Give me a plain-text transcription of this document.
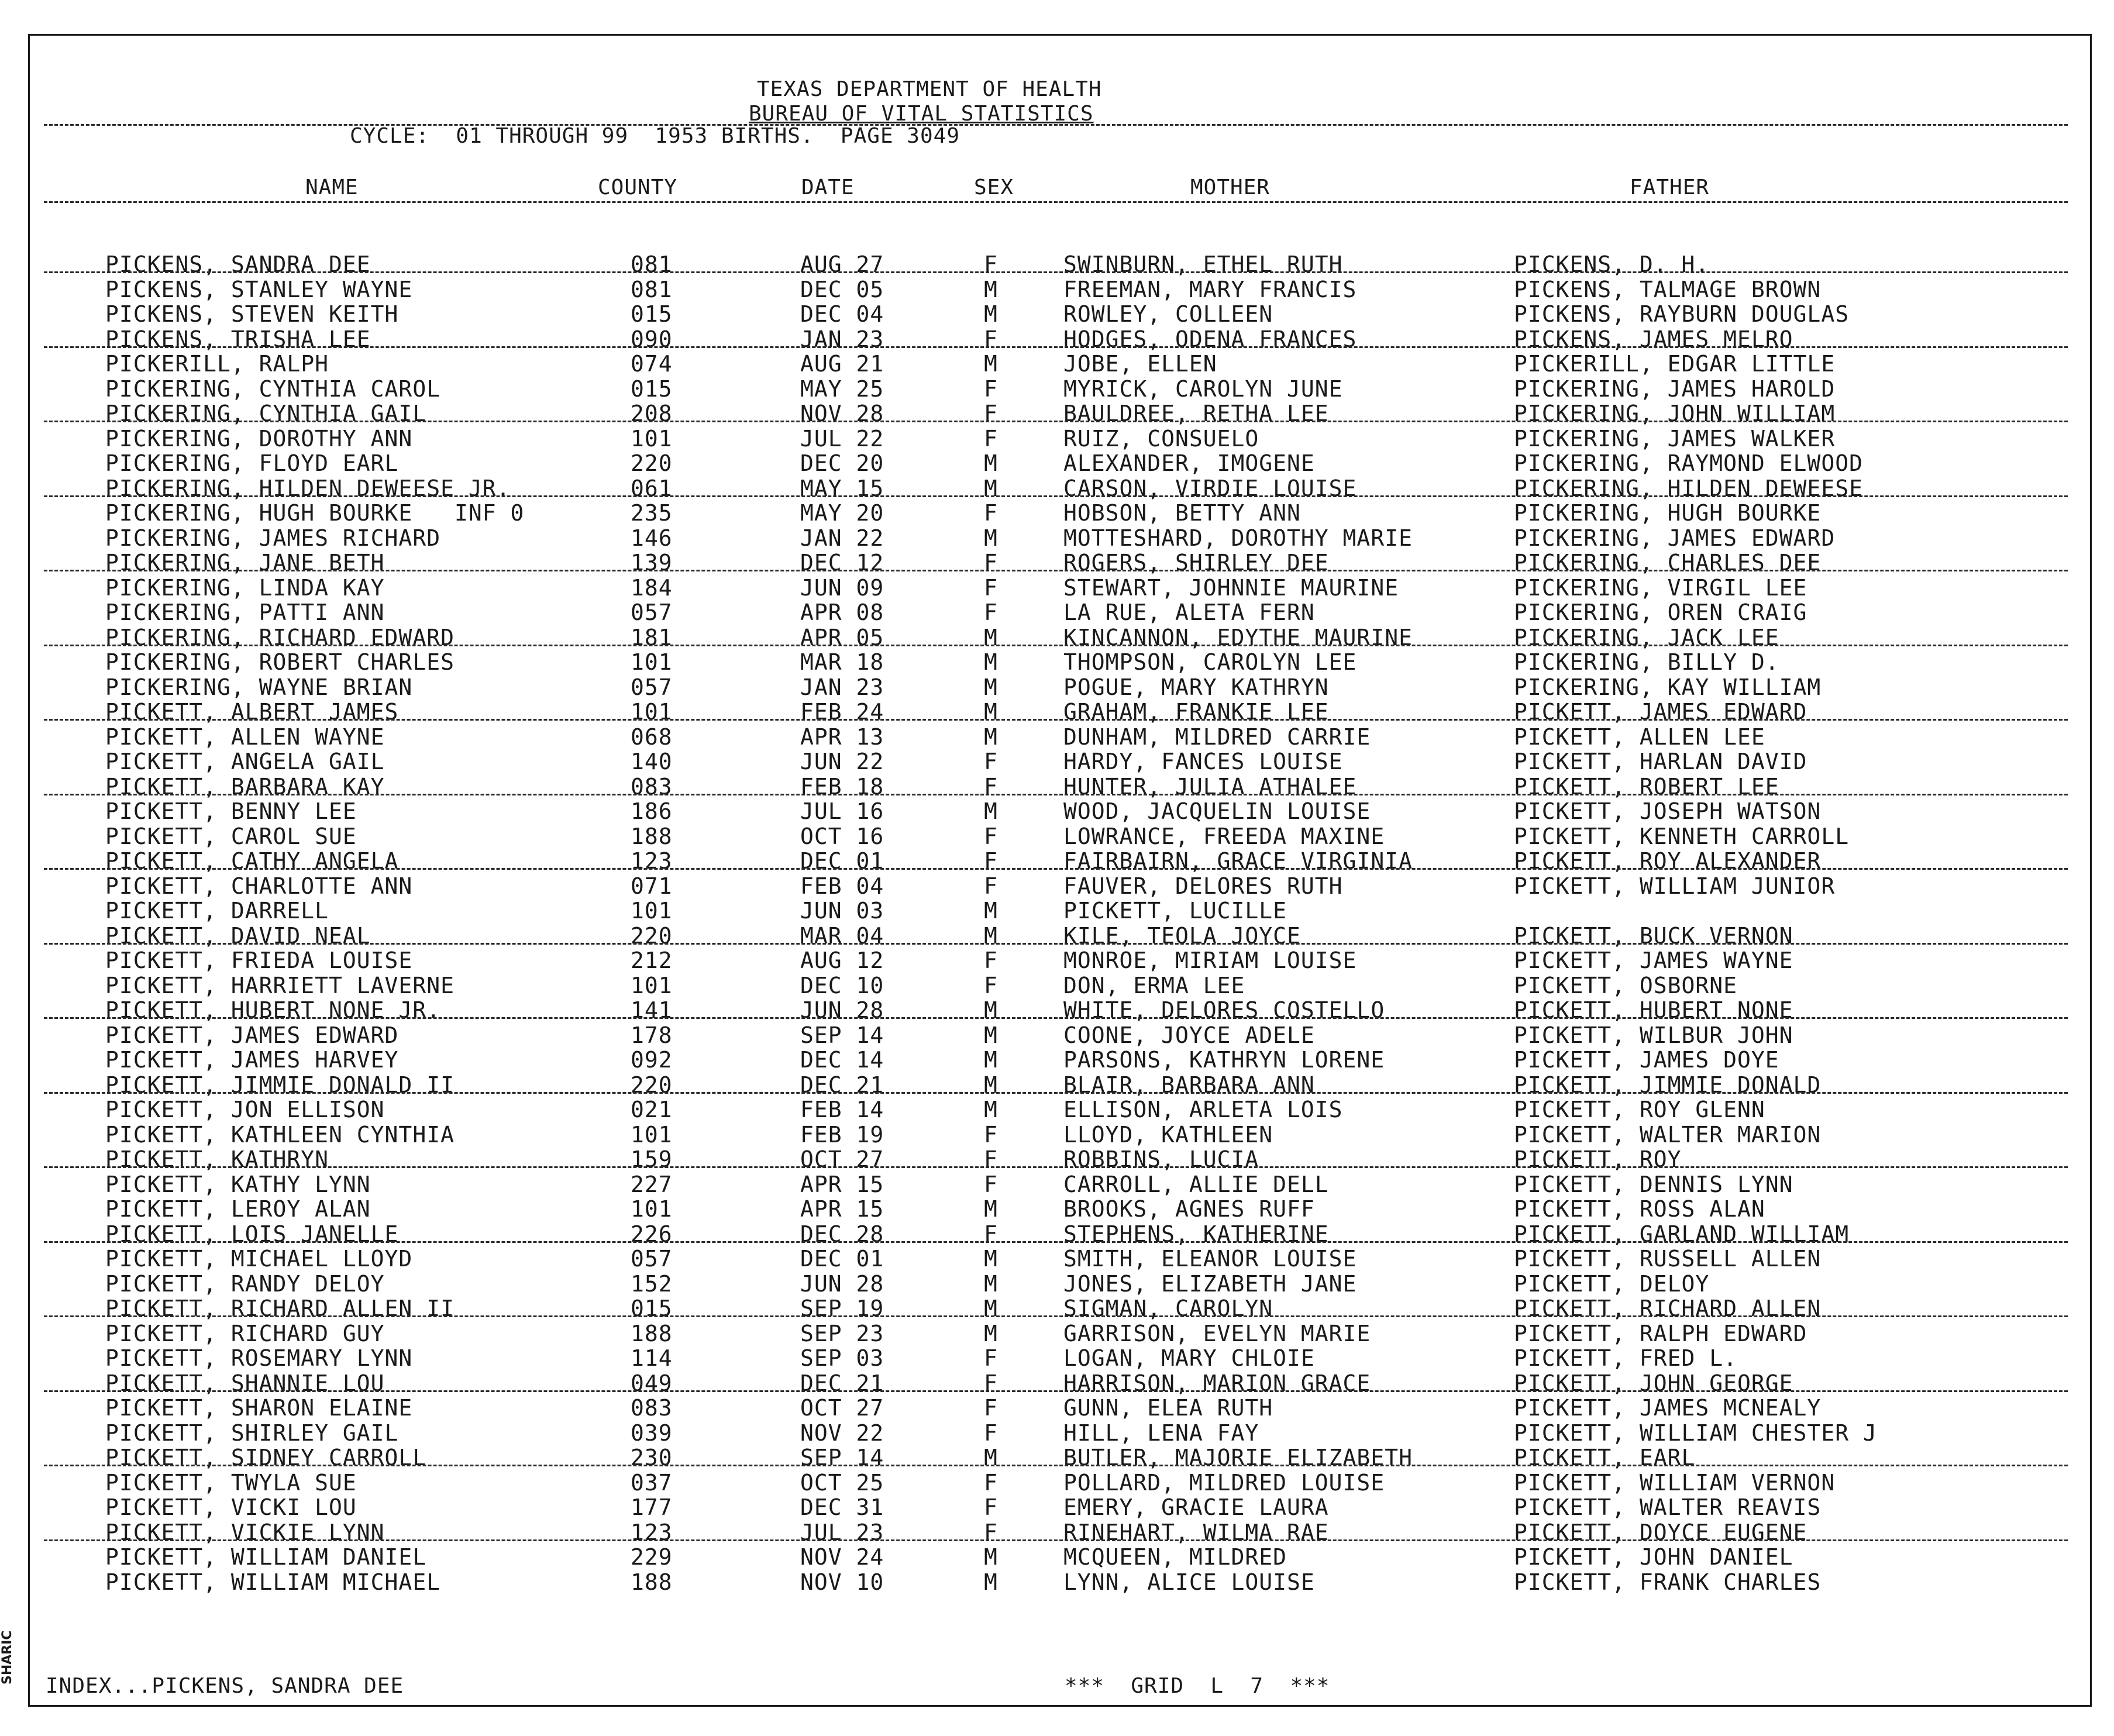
SHARIC
TEXAS DEPARTMENT OF HEALTH
BUREAU OF VITAL STATISTICS
CYCLE:  01 THROUGH 99  1953 BIRTHS.  PAGE 3049
NAME	COUNTY	DATE	SEX	MOTHER	FATHER
PICKENS, SANDRA DEE	081	AUG 27	F	SWINBURN, ETHEL RUTH	PICKENS, D. H.
PICKENS, STANLEY WAYNE	081	DEC 05	M	FREEMAN, MARY FRANCIS	PICKENS, TALMAGE BROWN
PICKENS, STEVEN KEITH	015	DEC 04	M	ROWLEY, COLLEEN	PICKENS, RAYBURN DOUGLAS
PICKENS, TRISHA LEE	090	JAN 23	F	HODGES, ODENA FRANCES	PICKENS, JAMES MELRO
PICKERILL, RALPH	074	AUG 21	M	JOBE, ELLEN	PICKERILL, EDGAR LITTLE
PICKERING, CYNTHIA CAROL	015	MAY 25	F	MYRICK, CAROLYN JUNE	PICKERING, JAMES HAROLD
PICKERING, CYNTHIA GAIL	208	NOV 28	F	BAULDREE, RETHA LEE	PICKERING, JOHN WILLIAM
PICKERING, DOROTHY ANN	101	JUL 22	F	RUIZ, CONSUELO	PICKERING, JAMES WALKER
PICKERING, FLOYD EARL	220	DEC 20	M	ALEXANDER, IMOGENE	PICKERING, RAYMOND ELWOOD
PICKERING, HILDEN DEWEESE JR.	061	MAY 15	M	CARSON, VIRDIE LOUISE	PICKERING, HILDEN DEWEESE
PICKERING, HUGH BOURKE   INF 0	235	MAY 20	F	HOBSON, BETTY ANN	PICKERING, HUGH BOURKE
PICKERING, JAMES RICHARD	146	JAN 22	M	MOTTESHARD, DOROTHY MARIE	PICKERING, JAMES EDWARD
PICKERING, JANE BETH	139	DEC 12	F	ROGERS, SHIRLEY DEE	PICKERING, CHARLES DEE
PICKERING, LINDA KAY	184	JUN 09	F	STEWART, JOHNNIE MAURINE	PICKERING, VIRGIL LEE
PICKERING, PATTI ANN	057	APR 08	F	LA RUE, ALETA FERN	PICKERING, OREN CRAIG
PICKERING, RICHARD EDWARD	181	APR 05	M	KINCANNON, EDYTHE MAURINE	PICKERING, JACK LEE
PICKERING, ROBERT CHARLES	101	MAR 18	M	THOMPSON, CAROLYN LEE	PICKERING, BILLY D.
PICKERING, WAYNE BRIAN	057	JAN 23	M	POGUE, MARY KATHRYN	PICKERING, KAY WILLIAM
PICKETT, ALBERT JAMES	101	FEB 24	M	GRAHAM, FRANKIE LEE	PICKETT, JAMES EDWARD
PICKETT, ALLEN WAYNE	068	APR 13	M	DUNHAM, MILDRED CARRIE	PICKETT, ALLEN LEE
PICKETT, ANGELA GAIL	140	JUN 22	F	HARDY, FANCES LOUISE	PICKETT, HARLAN DAVID
PICKETT, BARBARA KAY	083	FEB 18	F	HUNTER, JULIA ATHALEE	PICKETT, ROBERT LEE
PICKETT, BENNY LEE	186	JUL 16	M	WOOD, JACQUELIN LOUISE	PICKETT, JOSEPH WATSON
PICKETT, CAROL SUE	188	OCT 16	F	LOWRANCE, FREEDA MAXINE	PICKETT, KENNETH CARROLL
PICKETT, CATHY ANGELA	123	DEC 01	F	FAIRBAIRN, GRACE VIRGINIA	PICKETT, ROY ALEXANDER
PICKETT, CHARLOTTE ANN	071	FEB 04	F	FAUVER, DELORES RUTH	PICKETT, WILLIAM JUNIOR
PICKETT, DARRELL	101	JUN 03	M	PICKETT, LUCILLE
PICKETT, DAVID NEAL	220	MAR 04	M	KILE, TEOLA JOYCE	PICKETT, BUCK VERNON
PICKETT, FRIEDA LOUISE	212	AUG 12	F	MONROE, MIRIAM LOUISE	PICKETT, JAMES WAYNE
PICKETT, HARRIETT LAVERNE	101	DEC 10	F	DON, ERMA LEE	PICKETT, OSBORNE
PICKETT, HUBERT NONE JR.	141	JUN 28	M	WHITE, DELORES COSTELLO	PICKETT, HUBERT NONE
PICKETT, JAMES EDWARD	178	SEP 14	M	COONE, JOYCE ADELE	PICKETT, WILBUR JOHN
PICKETT, JAMES HARVEY	092	DEC 14	M	PARSONS, KATHRYN LORENE	PICKETT, JAMES DOYE
PICKETT, JIMMIE DONALD II	220	DEC 21	M	BLAIR, BARBARA ANN	PICKETT, JIMMIE DONALD
PICKETT, JON ELLISON	021	FEB 14	M	ELLISON, ARLETA LOIS	PICKETT, ROY GLENN
PICKETT, KATHLEEN CYNTHIA	101	FEB 19	F	LLOYD, KATHLEEN	PICKETT, WALTER MARION
PICKETT, KATHRYN	159	OCT 27	F	ROBBINS, LUCIA	PICKETT, ROY
PICKETT, KATHY LYNN	227	APR 15	F	CARROLL, ALLIE DELL	PICKETT, DENNIS LYNN
PICKETT, LEROY ALAN	101	APR 15	M	BROOKS, AGNES RUFF	PICKETT, ROSS ALAN
PICKETT, LOIS JANELLE	226	DEC 28	F	STEPHENS, KATHERINE	PICKETT, GARLAND WILLIAM
PICKETT, MICHAEL LLOYD	057	DEC 01	M	SMITH, ELEANOR LOUISE	PICKETT, RUSSELL ALLEN
PICKETT, RANDY DELOY	152	JUN 28	M	JONES, ELIZABETH JANE	PICKETT, DELOY
PICKETT, RICHARD ALLEN II	015	SEP 19	M	SIGMAN, CAROLYN	PICKETT, RICHARD ALLEN
PICKETT, RICHARD GUY	188	SEP 23	M	GARRISON, EVELYN MARIE	PICKETT, RALPH EDWARD
PICKETT, ROSEMARY LYNN	114	SEP 03	F	LOGAN, MARY CHLOIE	PICKETT, FRED L.
PICKETT, SHANNIE LOU	049	DEC 21	F	HARRISON, MARION GRACE	PICKETT, JOHN GEORGE
PICKETT, SHARON ELAINE	083	OCT 27	F	GUNN, ELEA RUTH	PICKETT, JAMES MCNEALY
PICKETT, SHIRLEY GAIL	039	NOV 22	F	HILL, LENA FAY	PICKETT, WILLIAM CHESTER J
PICKETT, SIDNEY CARROLL	230	SEP 14	M	BUTLER, MAJORIE ELIZABETH	PICKETT, EARL
PICKETT, TWYLA SUE	037	OCT 25	F	POLLARD, MILDRED LOUISE	PICKETT, WILLIAM VERNON
PICKETT, VICKI LOU	177	DEC 31	F	EMERY, GRACIE LAURA	PICKETT, WALTER REAVIS
PICKETT, VICKIE LYNN	123	JUL 23	F	RINEHART, WILMA RAE	PICKETT, DOYCE EUGENE
PICKETT, WILLIAM DANIEL	229	NOV 24	M	MCQUEEN, MILDRED	PICKETT, JOHN DANIEL
PICKETT, WILLIAM MICHAEL	188	NOV 10	M	LYNN, ALICE LOUISE	PICKETT, FRANK CHARLES
INDEX...PICKENS, SANDRA DEE	***  GRID  L  7  ***
